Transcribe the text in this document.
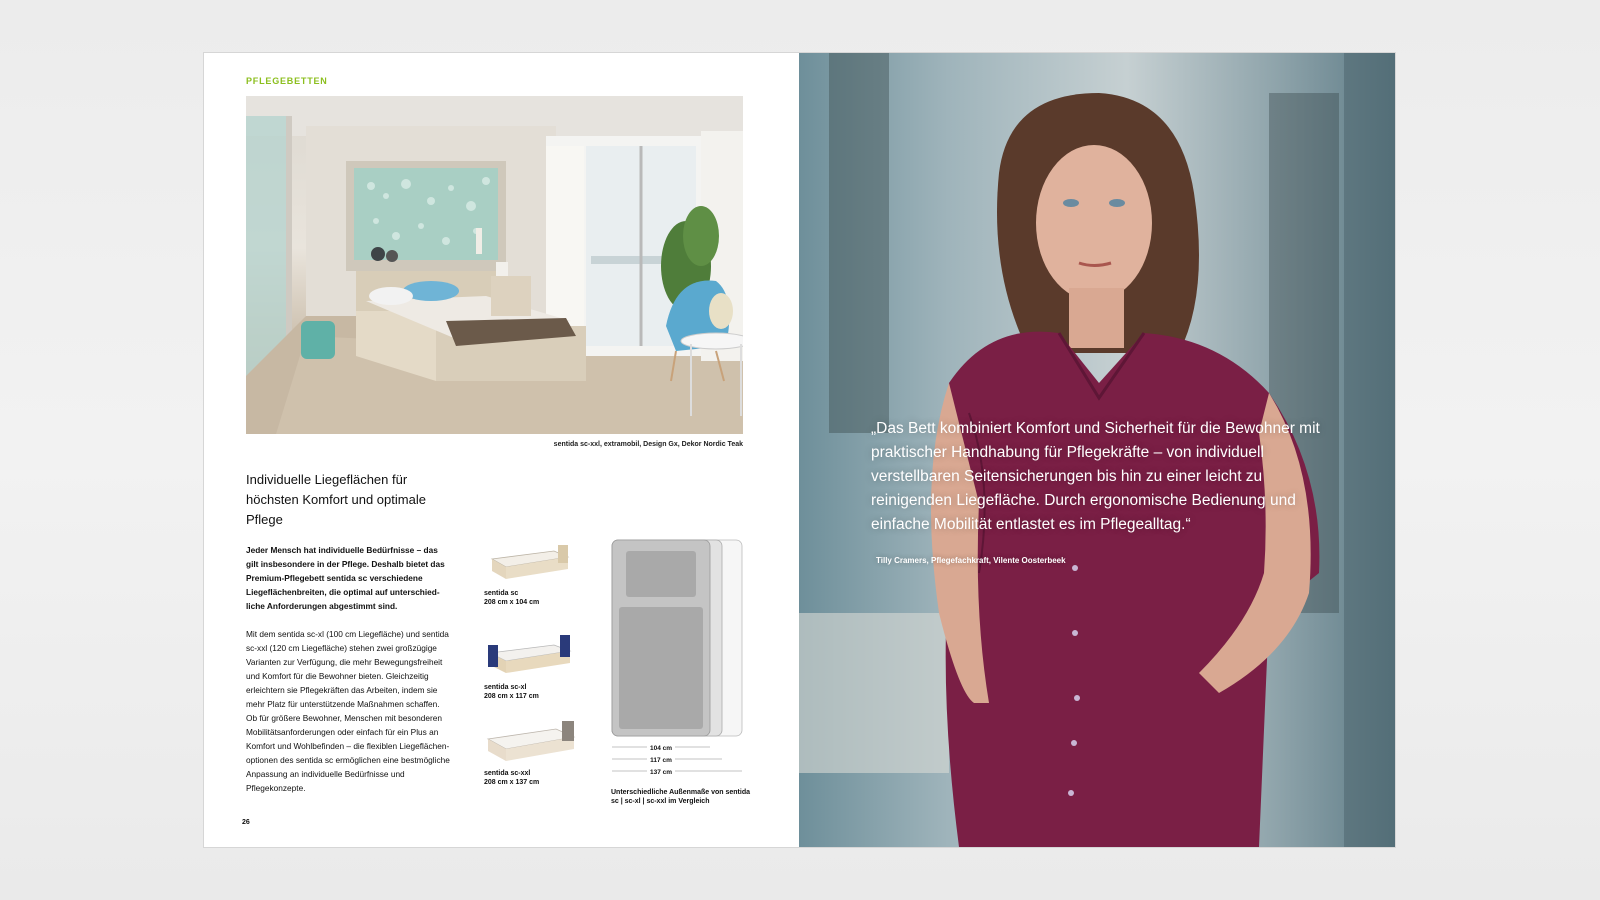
PFLEGEBETTEN
sentida sc-xxl, extramobil, Design Gx, Dekor Nordic Teak
Individuelle Liegeflächen für höchsten Komfort und optimale Pflege
Jeder Mensch hat individuelle Bedürfnisse – das gilt insbesondere in der Pflege. Deshalb bietet das Premium-Pflegebett sentida sc verschiedene Liegeflächenbreiten, die optimal auf unterschiedliche Anforderungen abgestimmt sind.
Mit dem sentida sc-xl (100 cm Liegefläche) und sentida sc-xxl (120 cm Liegefläche) stehen zwei großzügige Varianten zur Verfügung, die mehr Bewegungsfreiheit und Komfort für die Bewohner bieten. Gleichzeitig erleichtern sie Pflegekräften das Arbeiten, indem sie mehr Platz für unterstützende Maßnahmen schaffen. Ob für größere Bewohner, Menschen mit besonderen Mobilitätsanforderungen oder einfach für ein Plus an Komfort und Wohlbefinden – die flexiblen Liegeflächenoptionen des sentida sc ermöglichen eine bestmögliche Anpassung an individuelle Bedürfnisse und Pflegekonzepte.
sentida sc
208 cm x 104 cm
sentida sc-xl
208 cm x 117 cm
sentida sc-xxl
208 cm x 137 cm
104 cm
117 cm
137 cm
Unterschiedliche Außenmaße von sentida sc | sc-xl | sc-xxl im Vergleich
26
„Das Bett kombiniert Komfort und Sicherheit für die Bewohner mit praktischer Handhabung für Pflegekräfte – von individuell verstellbaren Seitensicherungen bis hin zu einer leicht zu reinigenden Liegefläche. Durch ergonomische Bedienung und einfache Mobilität entlastet es im Pflegealltag.“
Tilly Cramers, Pflegefachkraft, Vilente Oosterbeek
